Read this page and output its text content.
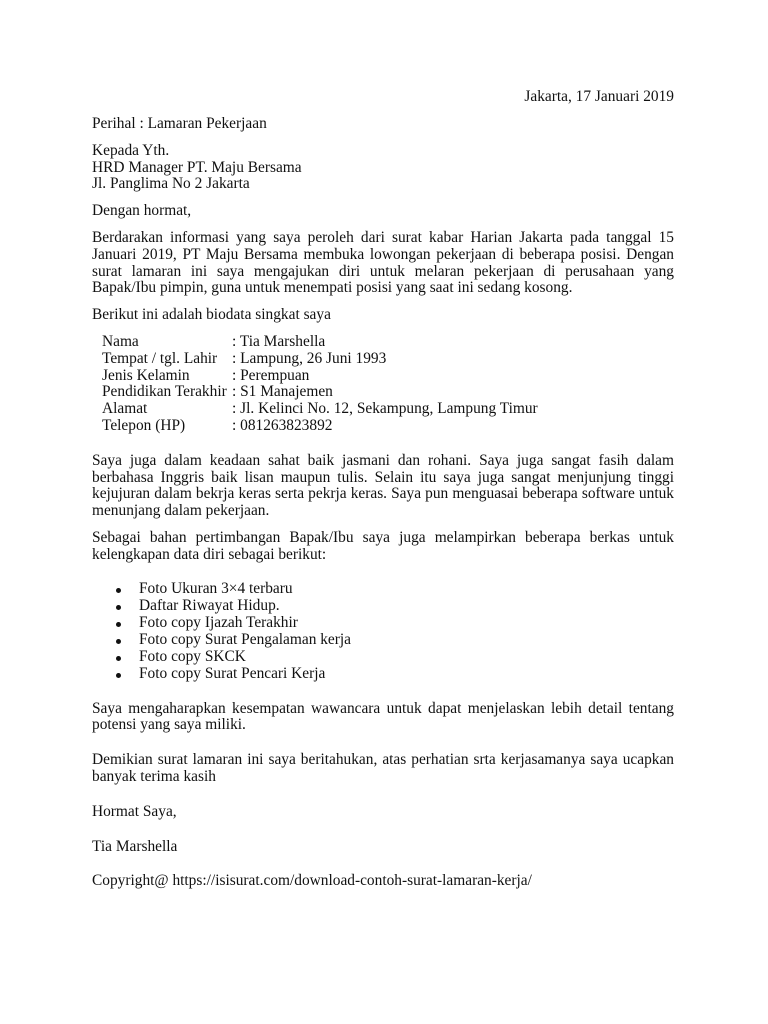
Jakarta, 17 Januari 2019

Perihal : Lamaran Pekerjaan

Kepada Yth.
HRD Manager PT. Maju Bersama
Jl. Panglima No 2 Jakarta

Dengan hormat,

Berdarakan informasi yang saya peroleh dari surat kabar Harian Jakarta pada tanggal 15 Januari 2019, PT Maju Bersama membuka lowongan pekerjaan di beberapa posisi. Dengan surat lamaran ini saya mengajukan diri untuk melaran pekerjaan di perusahaan yang Bapak/Ibu pimpin, guna untuk menempati posisi yang saat ini sedang kosong.

Berikut ini adalah biodata singkat saya

Nama	: Tia Marshella
Tempat / tgl. Lahir	: Lampung, 26 Juni 1993
Jenis Kelamin	: Perempuan
Pendidikan Terakhir	: S1 Manajemen
Alamat	: Jl. Kelinci No. 12, Sekampung, Lampung Timur
Telepon (HP)	: 081263823892

Saya juga dalam keadaan sahat baik jasmani dan rohani. Saya juga sangat fasih dalam berbahasa Inggris baik lisan maupun tulis. Selain itu saya juga sangat menjunjung tinggi kejujuran dalam bekrja keras serta pekrja keras. Saya pun menguasai beberapa software untuk menunjang dalam pekerjaan.

Sebagai bahan pertimbangan Bapak/Ibu saya juga melampirkan beberapa berkas untuk kelengkapan data diri sebagai berikut:

Foto Ukuran 3×4 terbaru
Daftar Riwayat Hidup.
Foto copy Ijazah Terakhir
Foto copy Surat Pengalaman kerja
Foto copy SKCK
Foto copy Surat Pencari Kerja

Saya mengaharapkan kesempatan wawancara untuk dapat menjelaskan lebih detail tentang potensi yang saya miliki.

Demikian surat lamaran ini saya beritahukan, atas perhatian srta kerjasamanya saya ucapkan banyak terima kasih

Hormat Saya,

Tia Marshella

Copyright@ https://isisurat.com/download-contoh-surat-lamaran-kerja/
